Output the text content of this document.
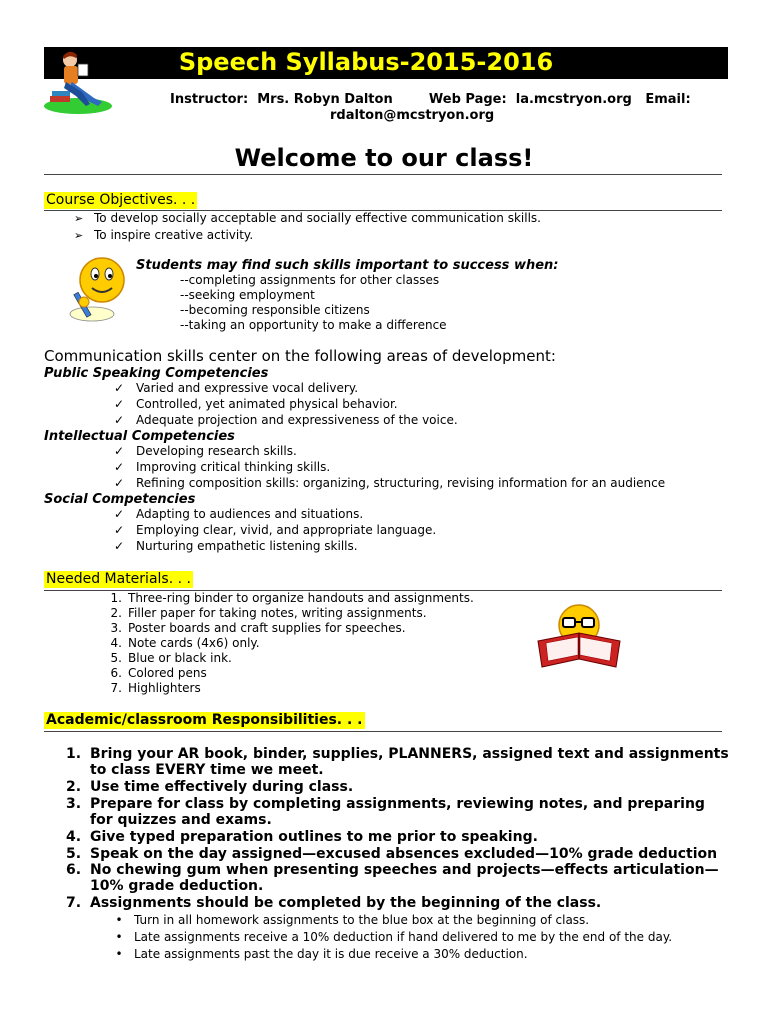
Speech Syllabus-2015-2016
Instructor:  Mrs. Robyn Dalton        Web Page:  la.mcstryon.org   Email:
rdalton@mcstryon.org
Welcome to our class!
Course Objectives. . .
➢ To develop socially acceptable and socially effective communication skills.
➢ To inspire creative activity.
Students may find such skills important to success when:
--completing assignments for other classes
--seeking employment
--becoming responsible citizens
--taking an opportunity to make a difference
Communication skills center on the following areas of development:
Public Speaking Competencies
✓ Varied and expressive vocal delivery.
✓ Controlled, yet animated physical behavior.
✓ Adequate projection and expressiveness of the voice.
Intellectual Competencies
✓ Developing research skills.
✓ Improving critical thinking skills.
✓ Refining composition skills: organizing, structuring, revising information for an audience
Social Competencies
✓ Adapting to audiences and situations.
✓ Employing clear, vivid, and appropriate language.
✓ Nurturing empathetic listening skills.
Needed Materials. . .
1. Three-ring binder to organize handouts and assignments.
2. Filler paper for taking notes, writing assignments.
3. Poster boards and craft supplies for speeches.
4. Note cards (4x6) only.
5. Blue or black ink.
6. Colored pens
7. Highlighters
Academic/classroom Responsibilities. . .
1. Bring your AR book, binder, supplies, PLANNERS, assigned text and assignments
to class EVERY time we meet.
2. Use time effectively during class.
3. Prepare for class by completing assignments, reviewing notes, and preparing
for quizzes and exams.
4. Give typed preparation outlines to me prior to speaking.
5. Speak on the day assigned—excused absences excluded—10% grade deduction
6. No chewing gum when presenting speeches and projects—effects articulation—
10% grade deduction.
7. Assignments should be completed by the beginning of the class.
• Turn in all homework assignments to the blue box at the beginning of class.
• Late assignments receive a 10% deduction if hand delivered to me by the end of the day.
• Late assignments past the day it is due receive a 30% deduction.
